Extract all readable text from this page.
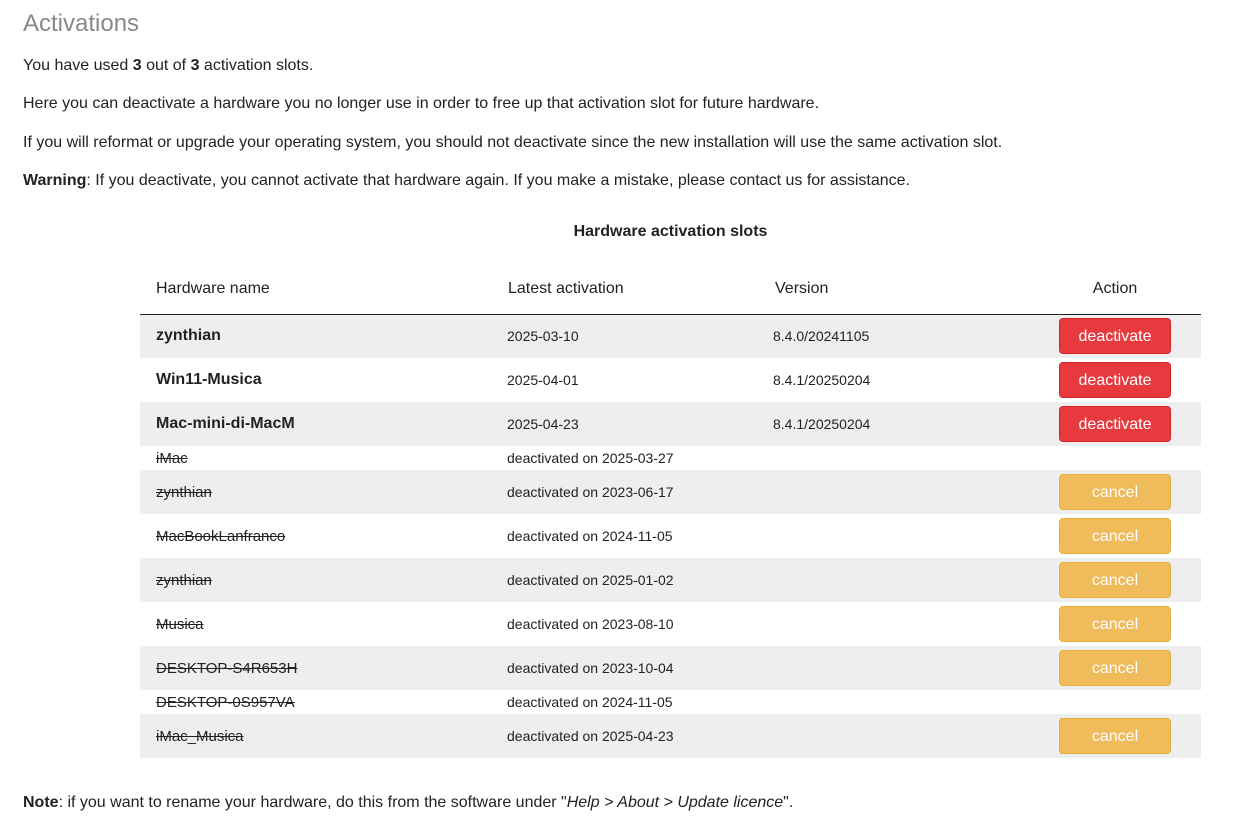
Activations

You have used 3 out of 3 activation slots.

Here you can deactivate a hardware you no longer use in order to free up that activation slot for future hardware.

If you will reformat or upgrade your operating system, you should not deactivate since the new installation will use the same activation slot.

Warning: If you deactivate, you cannot activate that hardware again. If you make a mistake, please contact us for assistance.

Hardware activation slots
Hardware name	Latest activation	Version	Action
zynthian	2025-03-10	8.4.0/20241105	deactivate
Win11-Musica	2025-04-01	8.4.1/20250204	deactivate
Mac-mini-di-MacM	2025-04-23	8.4.1/20250204	deactivate
iMac	deactivated on 2025-03-27		
zynthian	deactivated on 2023-06-17		cancel
MacBookLanfranco	deactivated on 2024-11-05		cancel
zynthian	deactivated on 2025-01-02		cancel
Musica	deactivated on 2023-08-10		cancel
DESKTOP-S4R653H	deactivated on 2023-10-04		cancel
DESKTOP-0S957VA	deactivated on 2024-11-05		
iMac_Musica	deactivated on 2025-04-23		cancel

Note: if you want to rename your hardware, do this from the software under "Help > About > Update licence".
